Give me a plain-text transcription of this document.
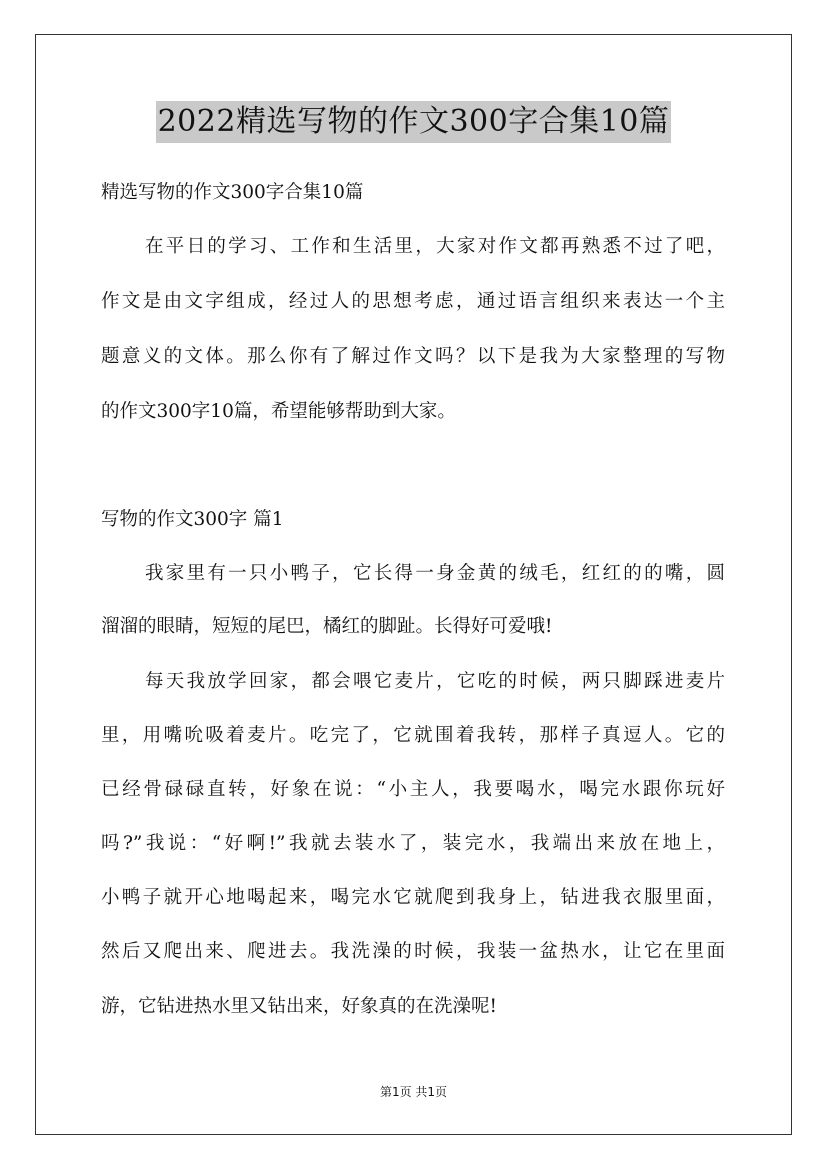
2022精选写物的作文300字合集10篇
精选写物的作文300字合集10篇
在平日的学习、工作和生活里，大家对作文都再熟悉不过了吧，
作文是由文字组成，经过人的思想考虑，通过语言组织来表达一个主
题意义的文体。那么你有了解过作文吗？以下是我为大家整理的写物
的作文300字10篇，希望能够帮助到大家。
写物的作文300字 篇1
我家里有一只小鸭子，它长得一身金黄的绒毛，红红的的嘴，圆
溜溜的眼睛，短短的尾巴，橘红的脚趾。长得好可爱哦!
每天我放学回家，都会喂它麦片，它吃的时候，两只脚踩进麦片
里，用嘴吮吸着麦片。吃完了，它就围着我转，那样子真逗人。它的
已经骨碌碌直转，好象在说：“小主人，我要喝水，喝完水跟你玩好
吗?”我说：“好啊!”我就去装水了，装完水，我端出来放在地上，
小鸭子就开心地喝起来，喝完水它就爬到我身上，钻进我衣服里面，
然后又爬出来、爬进去。我洗澡的时候，我装一盆热水，让它在里面
游，它钻进热水里又钻出来，好象真的在洗澡呢!
第1页 共1页
